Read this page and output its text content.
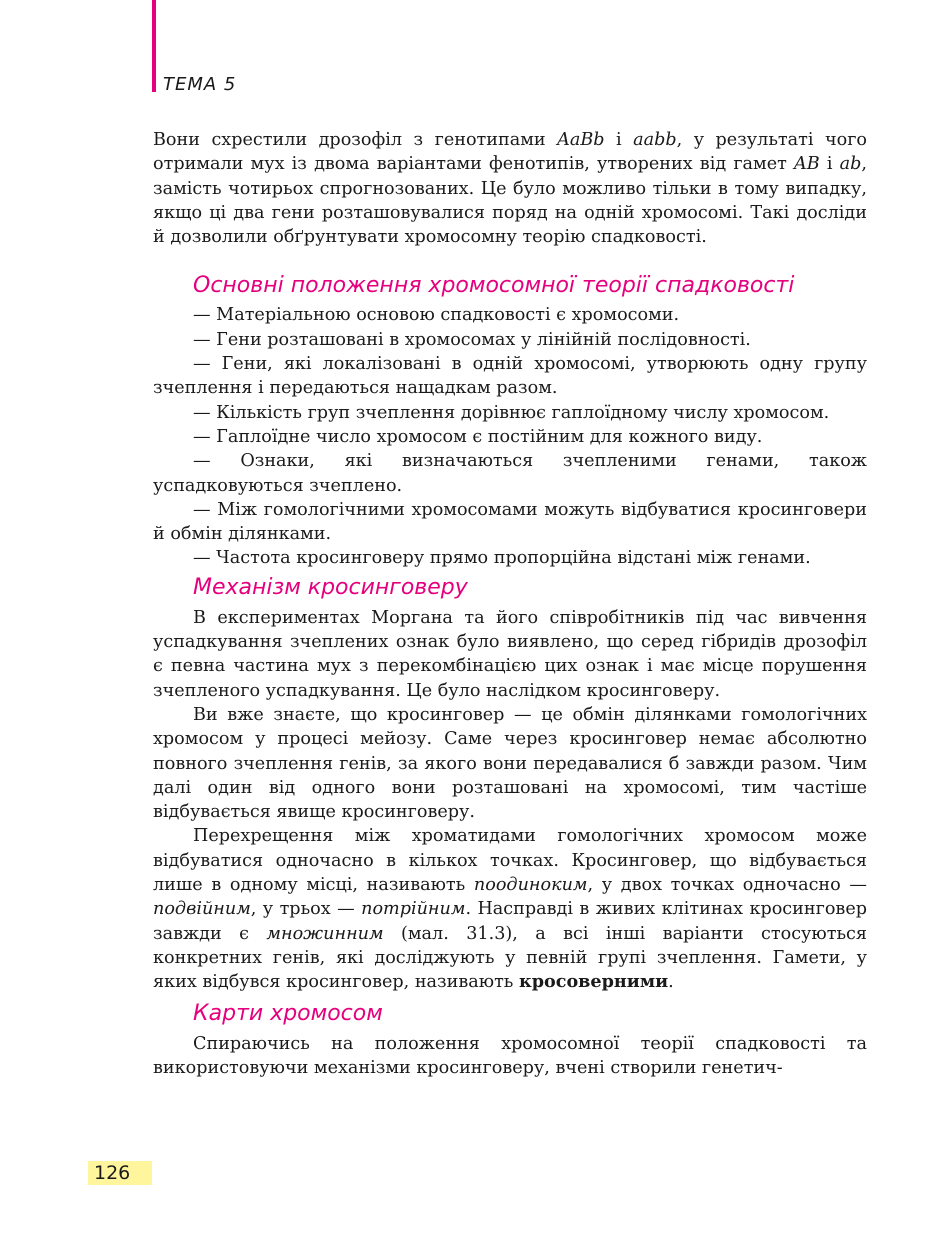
ТЕМА 5

Вони схрестили дрозофіл з генотипами AaBb і aabb, у результаті чого отримали мух із двома варіантами фенотипів, утворених від гамет AB і ab, замість чотирьох спрогнозованих. Це було можливо тільки в тому випадку, якщо ці два гени розташовувалися поряд на одній хромосомі. Такі досліди й дозволили обґрунтувати хромосомну теорію спадковості.

Основні положення хромосомної теорії спадковості

— Матеріальною основою спадковості є хромосоми.

— Гени розташовані в хромосомах у лінійній послідовності.

— Гени, які локалізовані в одній хромосомі, утворюють одну групу зчеплення і передаються нащадкам разом.

— Кількість груп зчеплення дорівнює гаплоїдному числу хромосом.

— Гаплоїдне число хромосом є постійним для кожного виду.

— Ознаки, які визначаються зчепленими генами, також успадковуються зчеплено.

— Між гомологічними хромосомами можуть відбуватися кросинговери й обмін ділянками.

— Частота кросинговеру прямо пропорційна відстані між генами.

Механізм кросинговеру

В експериментах Моргана та його співробітників під час вивчення успадкування зчеплених ознак було виявлено, що серед гібридів дрозофіл є певна частина мух з перекомбінацією цих ознак і має місце порушення зчепленого успадкування. Це було наслідком кросинговеру.

Ви вже знаєте, що кросинговер — це обмін ділянками гомологічних хромосом у процесі мейозу. Саме через кросинговер немає абсолютно повного зчеплення генів, за якого вони передавалися б завжди разом. Чим далі один від одного вони розташовані на хромосомі, тим частіше відбувається явище кросинговеру.

Перехрещення між хроматидами гомологічних хромосом може відбуватися одночасно в кількох точках. Кросинговер, що відбувається лише в одному місці, називають поодиноким, у двох точках одночасно — подвійним, у трьох — потрійним. Насправді в живих клітинах кросинговер завжди є множинним (мал. 31.3), а всі інші варіанти стосуються конкретних генів, які досліджують у певній групі зчеплення. Гамети, у яких відбувся кросинговер, називають кросоверними.

Карти хромосом

Спираючись на положення хромосомної теорії спадковості та використовуючи механізми кросинговеру, вчені створили генетич-

126
